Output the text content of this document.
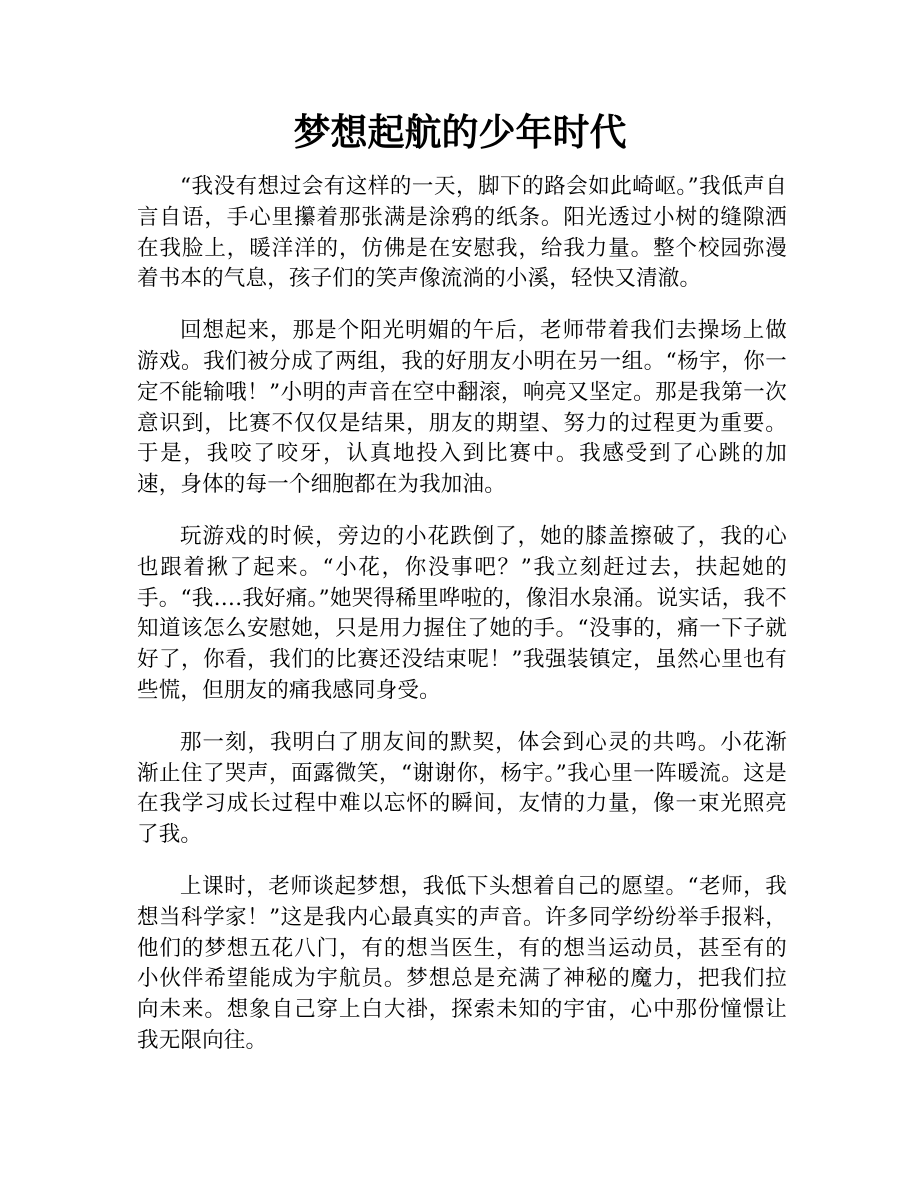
梦想起航的少年时代

“我没有想过会有这样的一天，脚下的路会如此崎岖。”我低声自言自语，手心里攥着那张满是涂鸦的纸条。阳光透过小树的缝隙洒在我脸上，暖洋洋的，仿佛是在安慰我，给我力量。整个校园弥漫着书本的气息，孩子们的笑声像流淌的小溪，轻快又清澈。

回想起来，那是个阳光明媚的午后，老师带着我们去操场上做游戏。我们被分成了两组，我的好朋友小明在另一组。“杨宇，你一定不能输哦！”小明的声音在空中翻滚，响亮又坚定。那是我第一次意识到，比赛不仅仅是结果，朋友的期望、努力的过程更为重要。于是，我咬了咬牙，认真地投入到比赛中。我感受到了心跳的加速，身体的每一个细胞都在为我加油。

玩游戏的时候，旁边的小花跌倒了，她的膝盖擦破了，我的心也跟着揪了起来。“小花，你没事吧？”我立刻赶过去，扶起她的手。“我….我好痛。”她哭得稀里哗啦的，像泪水泉涌。说实话，我不知道该怎么安慰她，只是用力握住了她的手。“没事的，痛一下子就好了，你看，我们的比赛还没结束呢！”我强装镇定，虽然心里也有些慌，但朋友的痛我感同身受。

那一刻，我明白了朋友间的默契，体会到心灵的共鸣。小花渐渐止住了哭声，面露微笑，“谢谢你，杨宇。”我心里一阵暖流。这是在我学习成长过程中难以忘怀的瞬间，友情的力量，像一束光照亮了我。

上课时，老师谈起梦想，我低下头想着自己的愿望。“老师，我想当科学家！”这是我内心最真实的声音。许多同学纷纷举手报料，他们的梦想五花八门，有的想当医生，有的想当运动员，甚至有的小伙伴希望能成为宇航员。梦想总是充满了神秘的魔力，把我们拉向未来。想象自己穿上白大褂，探索未知的宇宙，心中那份憧憬让我无限向往。
